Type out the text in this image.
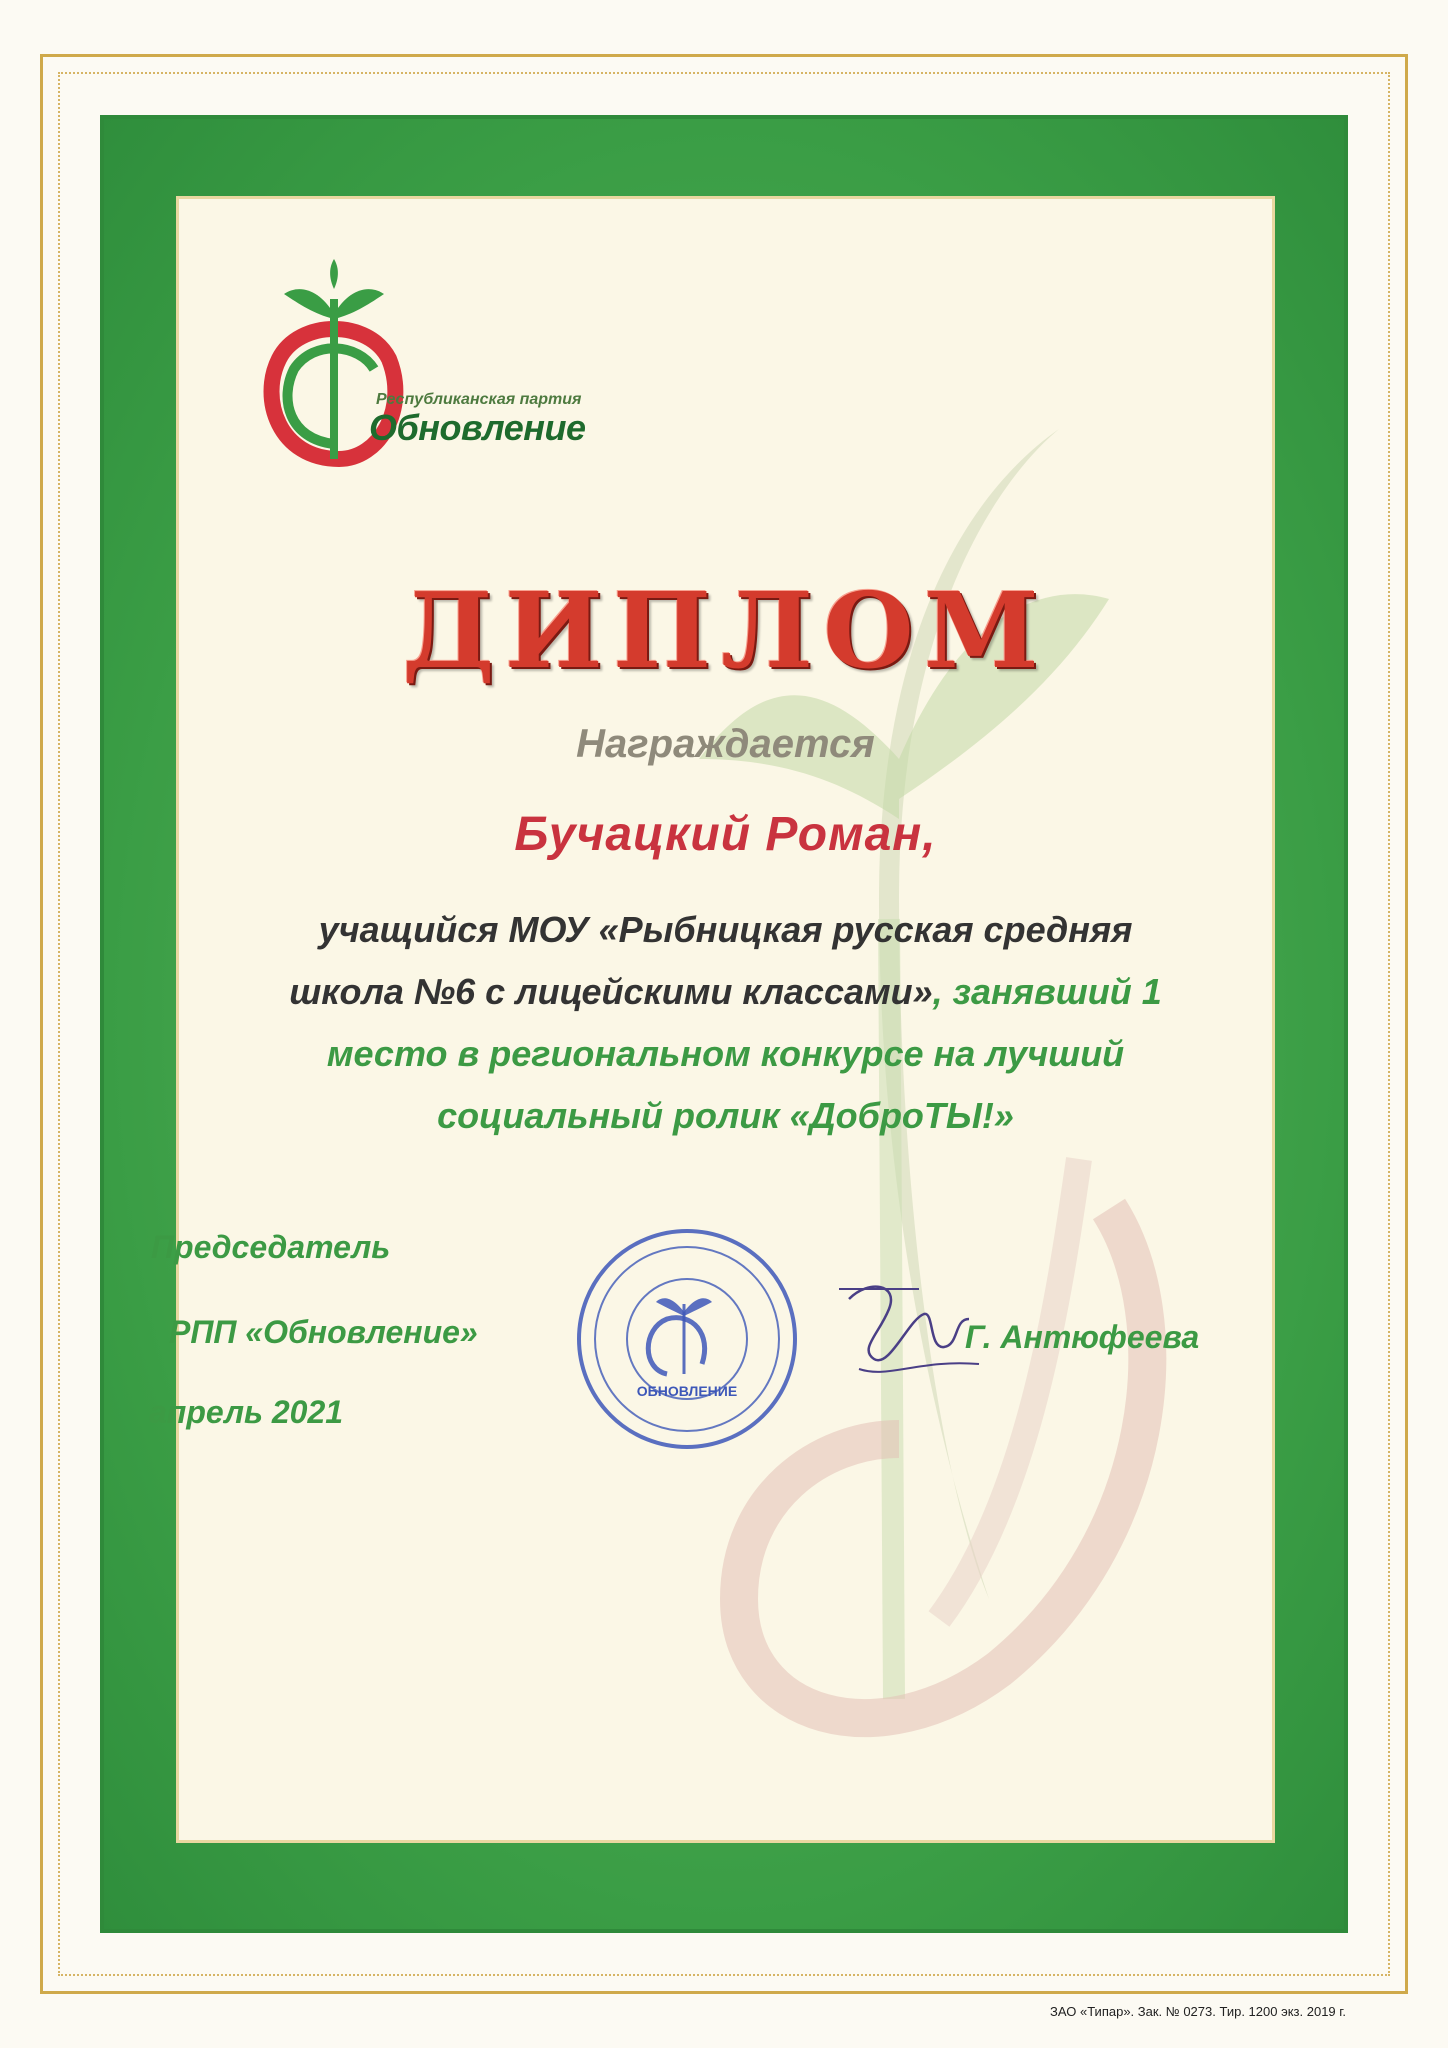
Республиканская партия
Обновление
ДИПЛОМ
Награждается
Бучацкий Роман,
учащийся МОУ «Рыбницкая русская средняя
школа №6 с лицейскими классами», занявший 1
место в региональном конкурсе на лучший
социальный ролик «ДоброТЫ!»
Председатель
РПП «Обновление»
апрель 2021
ОБНОВЛЕНИЕ
Г. Антюфеева
ЗАО «Типар». Зак. № 0273. Тир. 1200 экз. 2019 г.
